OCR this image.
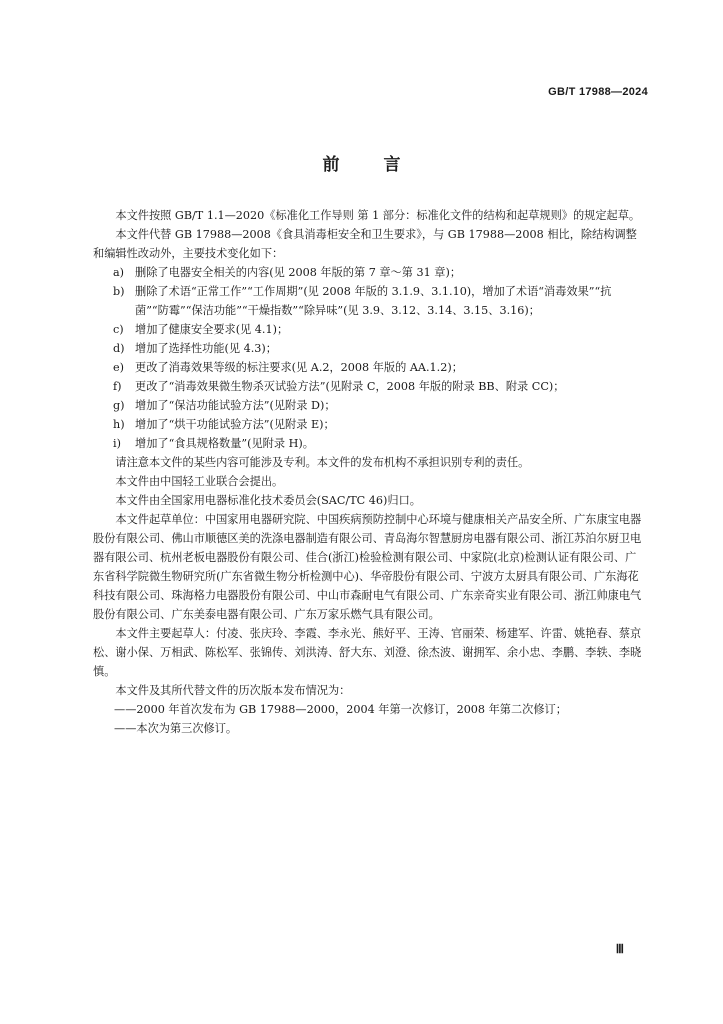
GB/T 17988—2024
前	言

本文件按照 GB/T 1.1—2020《标准化工作导则 第 1 部分：标准化文件的结构和起草规则》的规定起草。

本文件代替 GB 17988—2008《食具消毒柜安全和卫生要求》，与 GB 17988—2008 相比，除结构调整和编辑性改动外，主要技术变化如下：

a) 删除了电器安全相关的内容(见 2008 年版的第 7 章～第 31 章)；

b) 删除了术语“正常工作”“工作周期”(见 2008 年版的 3.1.9、3.1.10)，增加了术语“消毒效果”“抗菌”“防霉”“保洁功能”“干燥指数”“除异味”(见 3.9、3.12、3.14、3.15、3.16)；

c) 增加了健康安全要求(见 4.1)；

d) 增加了选择性功能(见 4.3)；

e) 更改了消毒效果等级的标注要求(见 A.2，2008 年版的 AA.1.2)；

f) 更改了“消毒效果微生物杀灭试验方法”(见附录 C，2008 年版的附录 BB、附录 CC)；

g) 增加了“保洁功能试验方法”(见附录 D)；

h) 增加了“烘干功能试验方法”(见附录 E)；

i) 增加了“食具规格数量”(见附录 H)。

请注意本文件的某些内容可能涉及专利。本文件的发布机构不承担识别专利的责任。

本文件由中国轻工业联合会提出。

本文件由全国家用电器标准化技术委员会(SAC/TC 46)归口。

本文件起草单位：中国家用电器研究院、中国疾病预防控制中心环境与健康相关产品安全所、广东康宝电器股份有限公司、佛山市顺德区美的洗涤电器制造有限公司、青岛海尔智慧厨房电器有限公司、浙江苏泊尔厨卫电器有限公司、杭州老板电器股份有限公司、佳合(浙江)检验检测有限公司、中家院(北京)检测认证有限公司、广东省科学院微生物研究所(广东省微生物分析检测中心)、华帝股份有限公司、宁波方太厨具有限公司、广东海花科技有限公司、珠海格力电器股份有限公司、中山市森耐电气有限公司、广东亲奇实业有限公司、浙江帅康电气股份有限公司、广东美泰电器有限公司、广东万家乐燃气具有限公司。

本文件主要起草人：付凌、张庆玲、李霞、李永光、熊好平、王涛、官丽荣、杨建军、许雷、姚艳春、蔡京松、谢小保、万相武、陈松军、张锦传、刘洪涛、舒大东、刘澄、徐杰波、谢拥军、余小忠、李鹏、李轶、李晓慎。

本文件及其所代替文件的历次版本发布情况为：

——2000 年首次发布为 GB 17988—2000，2004 年第一次修订，2008 年第二次修订；

——本次为第三次修订。

Ⅲ
